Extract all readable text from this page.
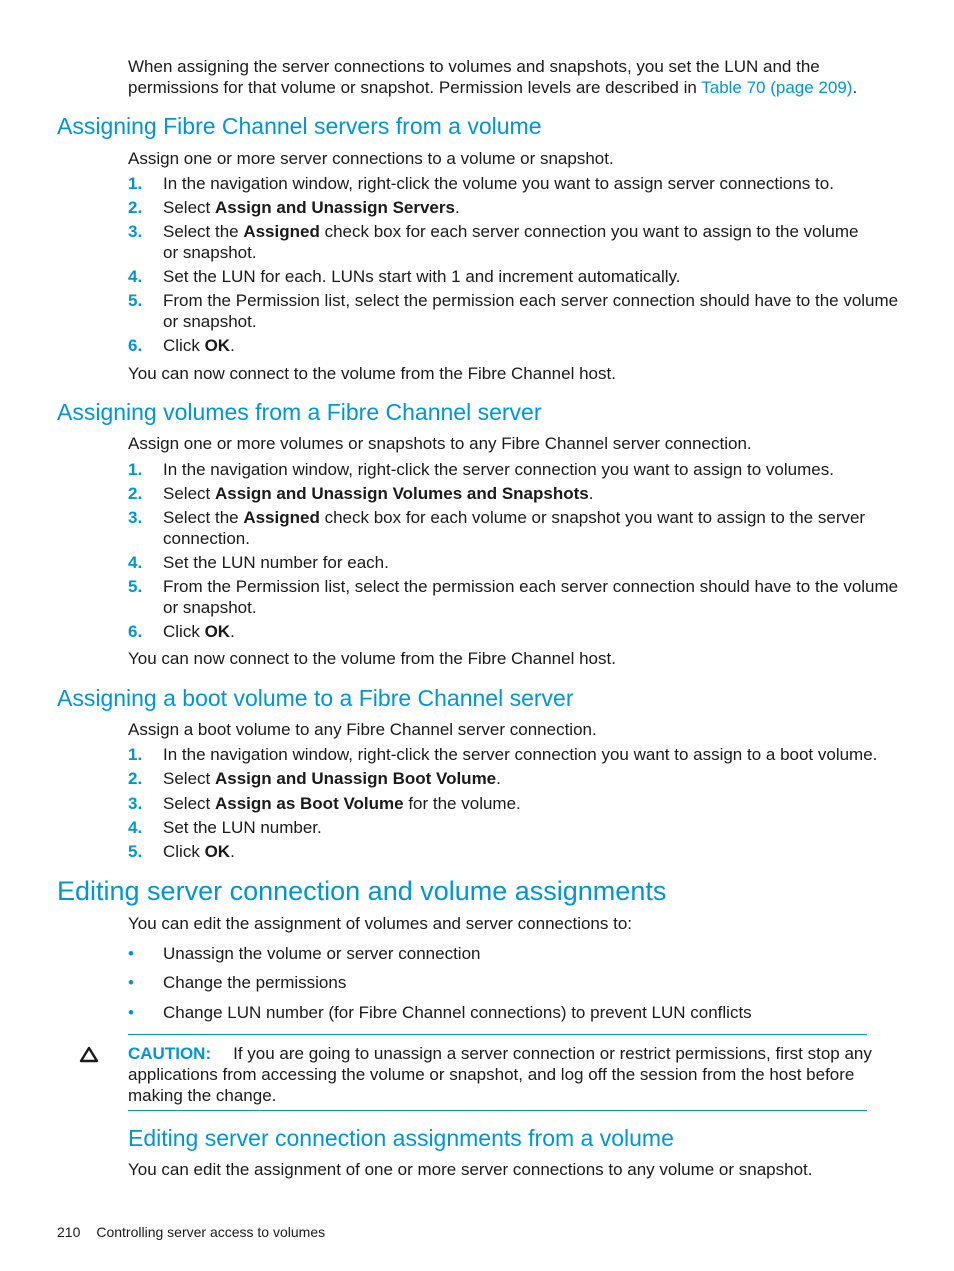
When assigning the server connections to volumes and snapshots, you set the LUN and the
permissions for that volume or snapshot. Permission levels are described in Table 70 (page 209).
Assigning Fibre Channel servers from a volume
Assign one or more server connections to a volume or snapshot.
1.	In the navigation window, right-click the volume you want to assign server connections to.
2.	Select Assign and Unassign Servers.
3.	Select the Assigned check box for each server connection you want to assign to the volume
or snapshot.
4.	Set the LUN for each. LUNs start with 1 and increment automatically.
5.	From the Permission list, select the permission each server connection should have to the volume
or snapshot.
6.	Click OK.
You can now connect to the volume from the Fibre Channel host.
Assigning volumes from a Fibre Channel server
Assign one or more volumes or snapshots to any Fibre Channel server connection.
1.	In the navigation window, right-click the server connection you want to assign to volumes.
2.	Select Assign and Unassign Volumes and Snapshots.
3.	Select the Assigned check box for each volume or snapshot you want to assign to the server
connection.
4.	Set the LUN number for each.
5.	From the Permission list, select the permission each server connection should have to the volume
or snapshot.
6.	Click OK.
You can now connect to the volume from the Fibre Channel host.
Assigning a boot volume to a Fibre Channel server
Assign a boot volume to any Fibre Channel server connection.
1.	In the navigation window, right-click the server connection you want to assign to a boot volume.
2.	Select Assign and Unassign Boot Volume.
3.	Select Assign as Boot Volume for the volume.
4.	Set the LUN number.
5.	Click OK.
Editing server connection and volume assignments
You can edit the assignment of volumes and server connections to:
• Unassign the volume or server connection
• Change the permissions
• Change LUN number (for Fibre Channel connections) to prevent LUN conflicts
CAUTION: If you are going to unassign a server connection or restrict permissions, first stop any
applications from accessing the volume or snapshot, and log off the session from the host before
making the change.
Editing server connection assignments from a volume
You can edit the assignment of one or more server connections to any volume or snapshot.
210 Controlling server access to volumes
